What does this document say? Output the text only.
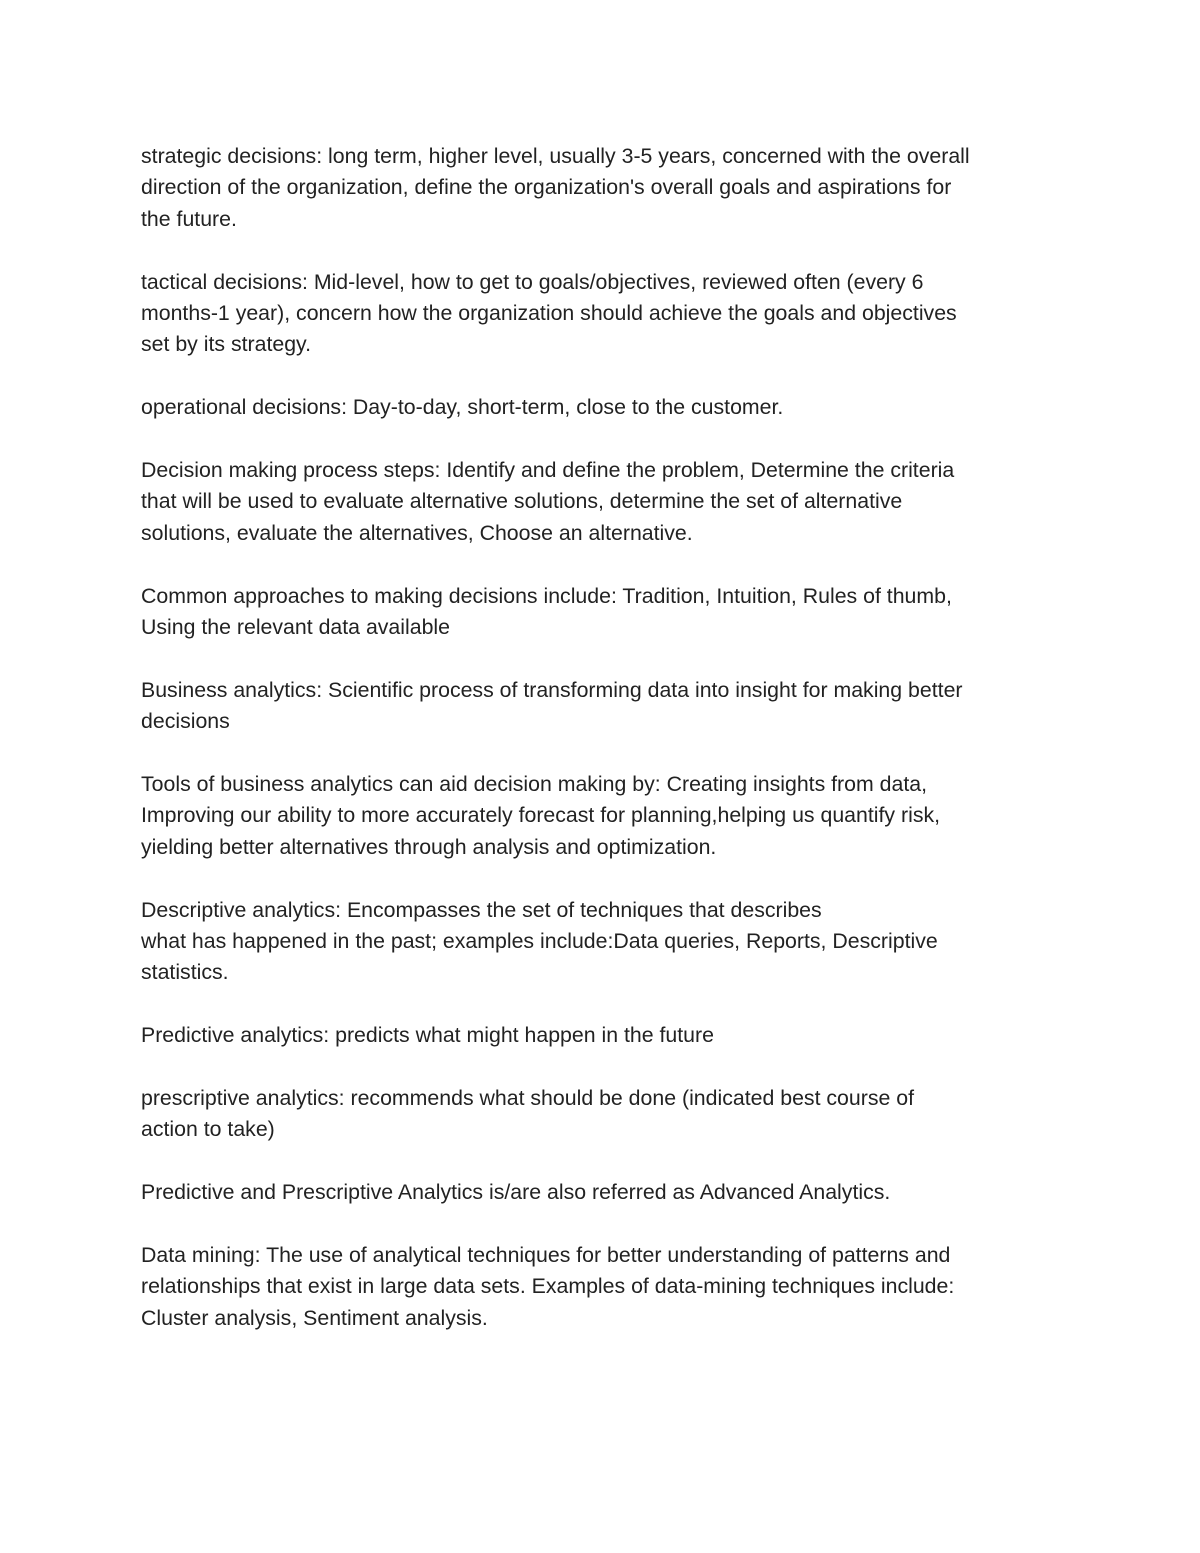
strategic decisions: long term, higher level, usually 3-5 years, concerned with the overall
direction of the organization, define the organization's overall goals and aspirations for
the future.

tactical decisions: Mid-level, how to get to goals/objectives, reviewed often (every 6
months-1 year), concern how the organization should achieve the goals and objectives
set by its strategy.

operational decisions: Day-to-day, short-term, close to the customer.

Decision making process steps: Identify and define the problem, Determine the criteria
that will be used to evaluate alternative solutions, determine the set of alternative
solutions, evaluate the alternatives, Choose an alternative.

Common approaches to making decisions include: Tradition, Intuition, Rules of thumb,
Using the relevant data available

Business analytics: Scientific process of transforming data into insight for making better
decisions

Tools of business analytics can aid decision making by: Creating insights from data,
Improving our ability to more accurately forecast for planning,helping us quantify risk,
yielding better alternatives through analysis and optimization.

Descriptive analytics: Encompasses the set of techniques that describes
what has happened in the past; examples include:Data queries, Reports, Descriptive
statistics.

Predictive analytics: predicts what might happen in the future

prescriptive analytics: recommends what should be done (indicated best course of
action to take)

Predictive and Prescriptive Analytics is/are also referred as Advanced Analytics.

Data mining: The use of analytical techniques for better understanding of patterns and
relationships that exist in large data sets. Examples of data-mining techniques include:
Cluster analysis, Sentiment analysis.
